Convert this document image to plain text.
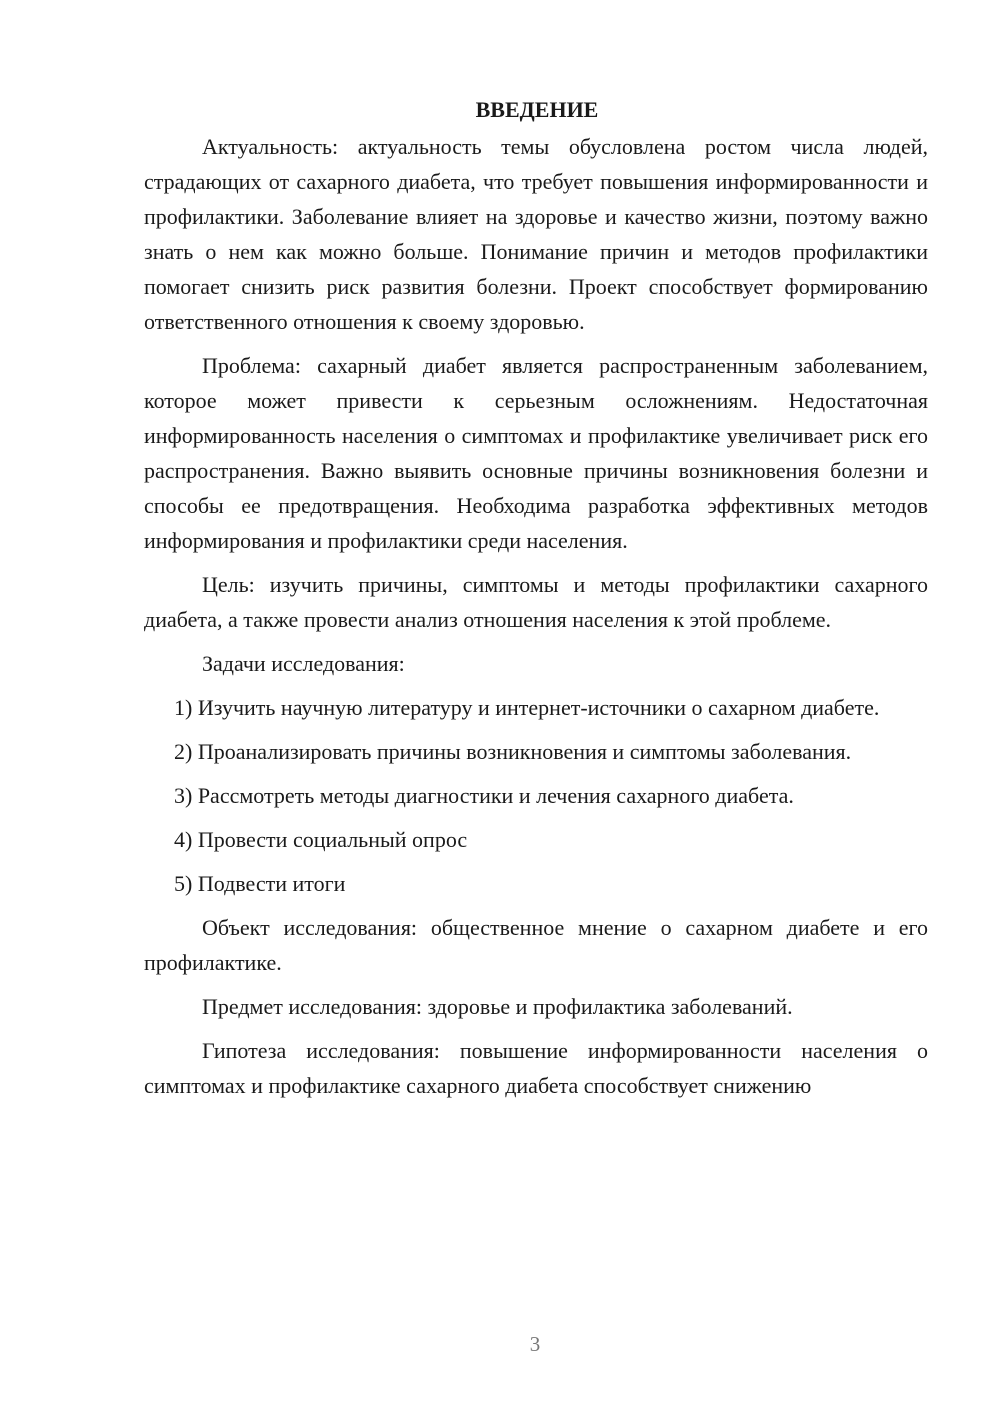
ВВЕДЕНИЕ

Актуальность: актуальность темы обусловлена ростом числа людей, страдающих от сахарного диабета, что требует повышения информированности и профилактики. Заболевание влияет на здоровье и качество жизни, поэтому важно знать о нем как можно больше. Понимание причин и методов профилактики помогает снизить риск развития болезни. Проект способствует формированию ответственного отношения к своему здоровью.

Проблема: сахарный диабет является распространенным заболеванием, которое может привести к серьезным осложнениям. Недостаточная информированность населения о симптомах и профилактике увеличивает риск его распространения. Важно выявить основные причины возникновения болезни и способы ее предотвращения. Необходима разработка эффективных методов информирования и профилактики среди населения.

Цель: изучить причины, симптомы и методы профилактики сахарного диабета, а также провести анализ отношения населения к этой проблеме.

Задачи исследования:

1) Изучить научную литературу и интернет-источники о сахарном диабете.

2) Проанализировать причины возникновения и симптомы заболевания.

3) Рассмотреть методы диагностики и лечения сахарного диабета.

4) Провести социальный опрос

5) Подвести итоги

Объект исследования: общественное мнение о сахарном диабете и его профилактике.

Предмет исследования: здоровье и профилактика заболеваний.

Гипотеза исследования: повышение информированности населения о симптомах и профилактике сахарного диабета способствует снижению

3
